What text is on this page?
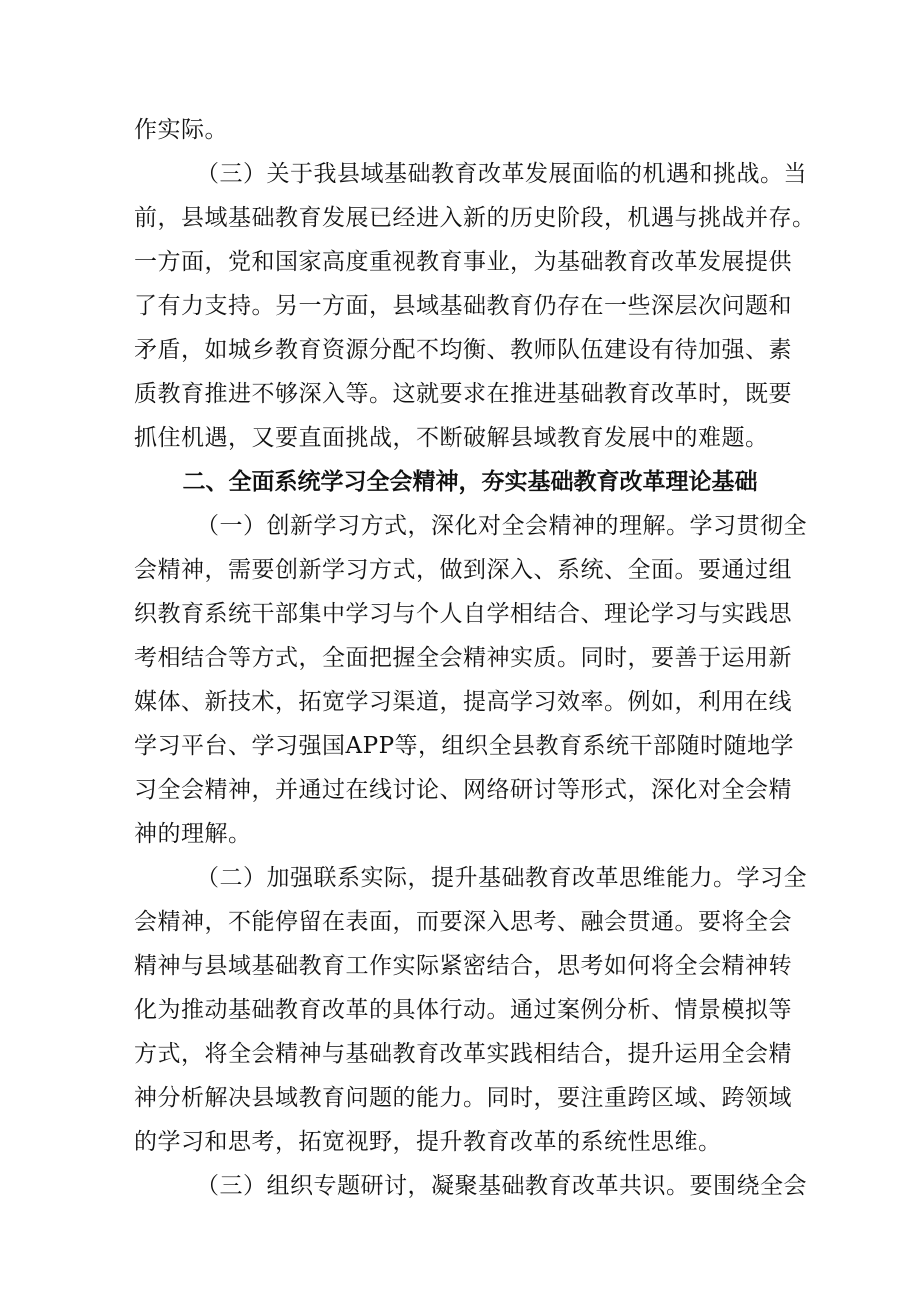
作实际。
（三）关于我县域基础教育改革发展面临的机遇和挑战。当
前，县域基础教育发展已经进入新的历史阶段，机遇与挑战并存。
一方面，党和国家高度重视教育事业，为基础教育改革发展提供
了有力支持。另一方面，县域基础教育仍存在一些深层次问题和
矛盾，如城乡教育资源分配不均衡、教师队伍建设有待加强、素
质教育推进不够深入等。这就要求在推进基础教育改革时，既要
抓住机遇，又要直面挑战，不断破解县域教育发展中的难题。
二、全面系统学习全会精神，夯实基础教育改革理论基础
（一）创新学习方式，深化对全会精神的理解。学习贯彻全
会精神，需要创新学习方式，做到深入、系统、全面。要通过组
织教育系统干部集中学习与个人自学相结合、理论学习与实践思
考相结合等方式，全面把握全会精神实质。同时，要善于运用新
媒体、新技术，拓宽学习渠道，提高学习效率。例如，利用在线
学习平台、学习强国APP等，组织全县教育系统干部随时随地学
习全会精神，并通过在线讨论、网络研讨等形式，深化对全会精
神的理解。
（二）加强联系实际，提升基础教育改革思维能力。学习全
会精神，不能停留在表面，而要深入思考、融会贯通。要将全会
精神与县域基础教育工作实际紧密结合，思考如何将全会精神转
化为推动基础教育改革的具体行动。通过案例分析、情景模拟等
方式，将全会精神与基础教育改革实践相结合，提升运用全会精
神分析解决县域教育问题的能力。同时，要注重跨区域、跨领域
的学习和思考，拓宽视野，提升教育改革的系统性思维。
（三）组织专题研讨，凝聚基础教育改革共识。要围绕全会
